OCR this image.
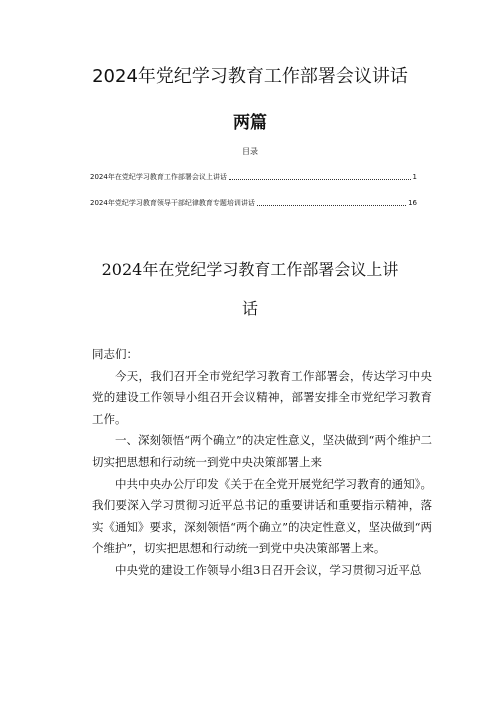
2024年党纪学习教育工作部署会议讲话
两篇
目录
2024年在党纪学习教育工作部署会议上讲话	1
2024年党纪学习教育领导干部纪律教育专题培训讲话	16
2024年在党纪学习教育工作部署会议上讲
话

同志们：

今天，我们召开全市党纪学习教育工作部署会，传达学习中央党的建设工作领导小组召开会议精神，部署安排全市党纪学习教育工作。

一、深刻领悟“两个确立”的决定性意义，坚决做到“两个维护二切实把思想和行动统一到党中央决策部署上来

中共中央办公厅印发《关于在全党开展党纪学习教育的通知》。我们要深入学习贯彻习近平总书记的重要讲话和重要指示精神，落实《通知》要求，深刻领悟“两个确立”的决定性意义，坚决做到“两个维护”，切实把思想和行动统一到党中央决策部署上来。

中央党的建设工作领导小组3日召开会议，学习贯彻习近平总
